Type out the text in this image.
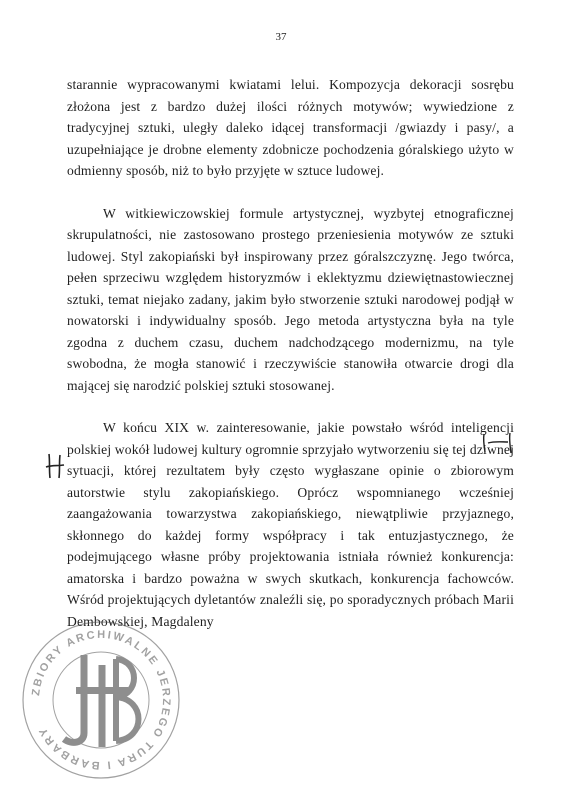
37

starannie wypracowanymi kwiatami lelui. Kompozycja dekoracji sosrębu złożona jest z bardzo dużej ilości różnych motywów; wywiedzione z tradycyjnej sztuki, uległy daleko idącej transformacji /gwiazdy i pasy/, a uzupełniające je drobne elementy zdobnicze pochodzenia góralskiego użyto w odmienny sposób, niż to było przyjęte w sztuce ludowej.

W witkiewiczowskiej formule artystycznej, wyzbytej etnograficznej skrupulatności, nie zastosowano prostego przeniesienia motywów ze sztuki ludowej. Styl zakopiański był inspirowany przez góralszczyznę. Jego twórca, pełen sprzeciwu względem historyzmów i eklektyzmu dziewiętnastowiecznej sztuki, temat niejako zadany, jakim było stworzenie sztuki narodowej podjął w nowatorski i indywidualny sposób. Jego metoda artystyczna była na tyle zgodna z duchem czasu, duchem nadchodzącego modernizmu, na tyle swobodna, że mogła stanowić i rzeczywiście stanowiła otwarcie drogi dla mającej się narodzić polskiej sztuki stosowanej.

W końcu XIX w. zainteresowanie, jakie powstało wśród inteligencji polskiej wokół ludowej kultury ogromnie sprzyjało wytworzeniu się tej dziwnej sytuacji, której rezultatem były często wygłaszane opinie o zbiorowym autorstwie stylu zakopiańskiego. Oprócz wspomnianego wcześniej zaangażowania towarzystwa zakopiańskiego, niewątpliwie przyjaznego, skłonnego do każdej formy współpracy i tak entuzjastycznego, że podejmującego własne próby projektowania istniała również konkurencja: amatorska i bardzo poważna w swych skutkach, konkurencja fachowców. Wśród projektujących dyletantów znaleźli się, po sporadycznych próbach Marii Dembowskiej, Magdaleny

ZBIORY ARCHIWALNE JERZEGO TURA I BARBARY
